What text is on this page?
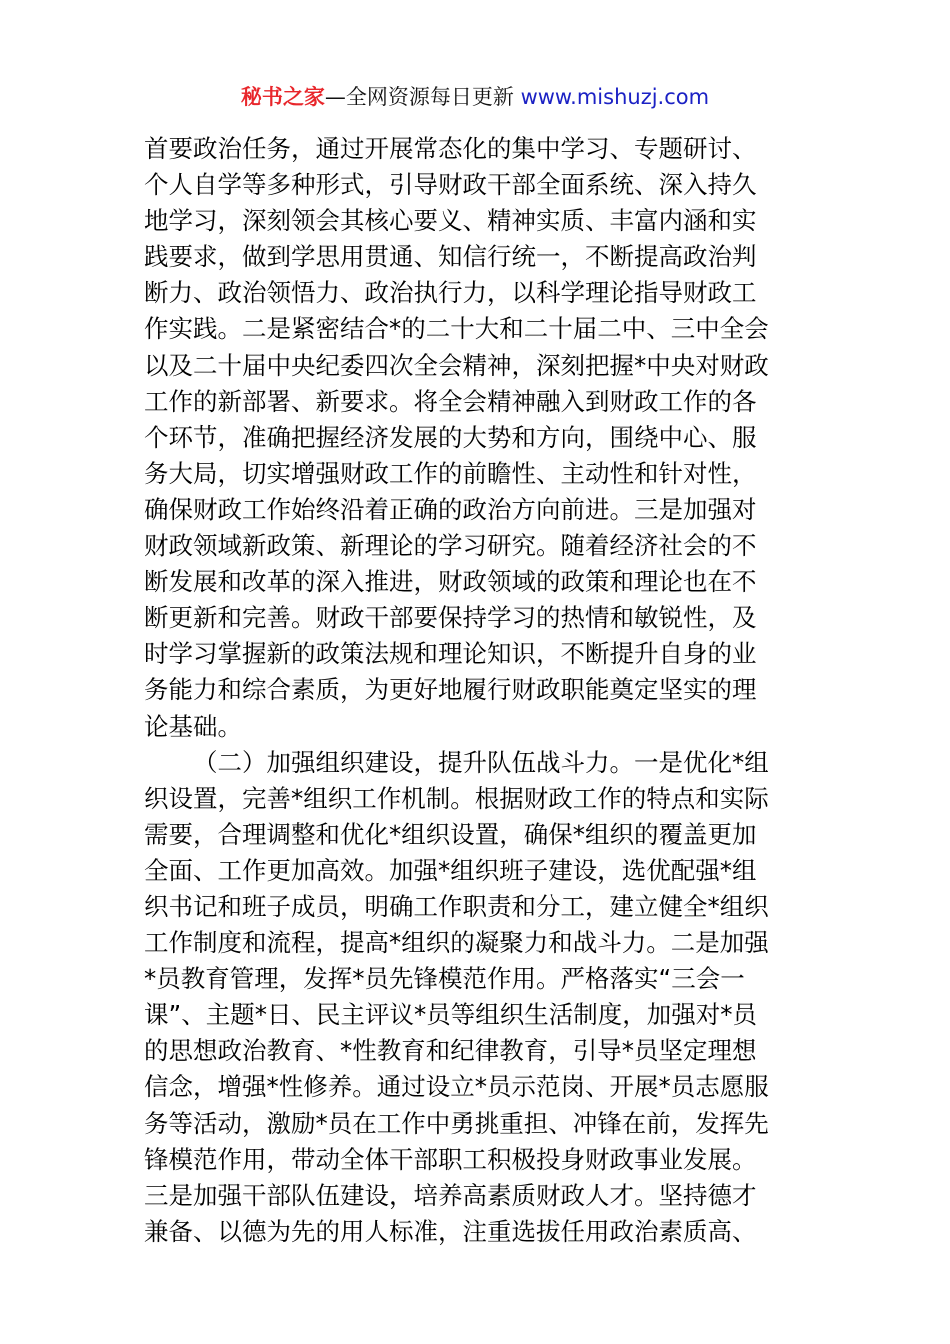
秘书之家—全网资源每日更新 www.mishuzj.com
首要政治任务，通过开展常态化的集中学习、专题研讨、
个人自学等多种形式，引导财政干部全面系统、深入持久
地学习，深刻领会其核心要义、精神实质、丰富内涵和实
践要求，做到学思用贯通、知信行统一，不断提高政治判
断力、政治领悟力、政治执行力，以科学理论指导财政工
作实践。二是紧密结合*的二十大和二十届二中、三中全会
以及二十届中央纪委四次全会精神，深刻把握*中央对财政
工作的新部署、新要求。将全会精神融入到财政工作的各
个环节，准确把握经济发展的大势和方向，围绕中心、服
务大局，切实增强财政工作的前瞻性、主动性和针对性，
确保财政工作始终沿着正确的政治方向前进。三是加强对
财政领域新政策、新理论的学习研究。随着经济社会的不
断发展和改革的深入推进，财政领域的政策和理论也在不
断更新和完善。财政干部要保持学习的热情和敏锐性，及
时学习掌握新的政策法规和理论知识，不断提升自身的业
务能力和综合素质，为更好地履行财政职能奠定坚实的理
论基础。
（二）加强组织建设，提升队伍战斗力。一是优化*组
织设置，完善*组织工作机制。根据财政工作的特点和实际
需要，合理调整和优化*组织设置，确保*组织的覆盖更加
全面、工作更加高效。加强*组织班子建设，选优配强*组
织书记和班子成员，明确工作职责和分工，建立健全*组织
工作制度和流程，提高*组织的凝聚力和战斗力。二是加强
*员教育管理，发挥*员先锋模范作用。严格落实“三会一
课”、主题*日、民主评议*员等组织生活制度，加强对*员
的思想政治教育、*性教育和纪律教育，引导*员坚定理想
信念，增强*性修养。通过设立*员示范岗、开展*员志愿服
务等活动，激励*员在工作中勇挑重担、冲锋在前，发挥先
锋模范作用，带动全体干部职工积极投身财政事业发展。
三是加强干部队伍建设，培养高素质财政人才。坚持德才
兼备、以德为先的用人标准，注重选拔任用政治素质高、
